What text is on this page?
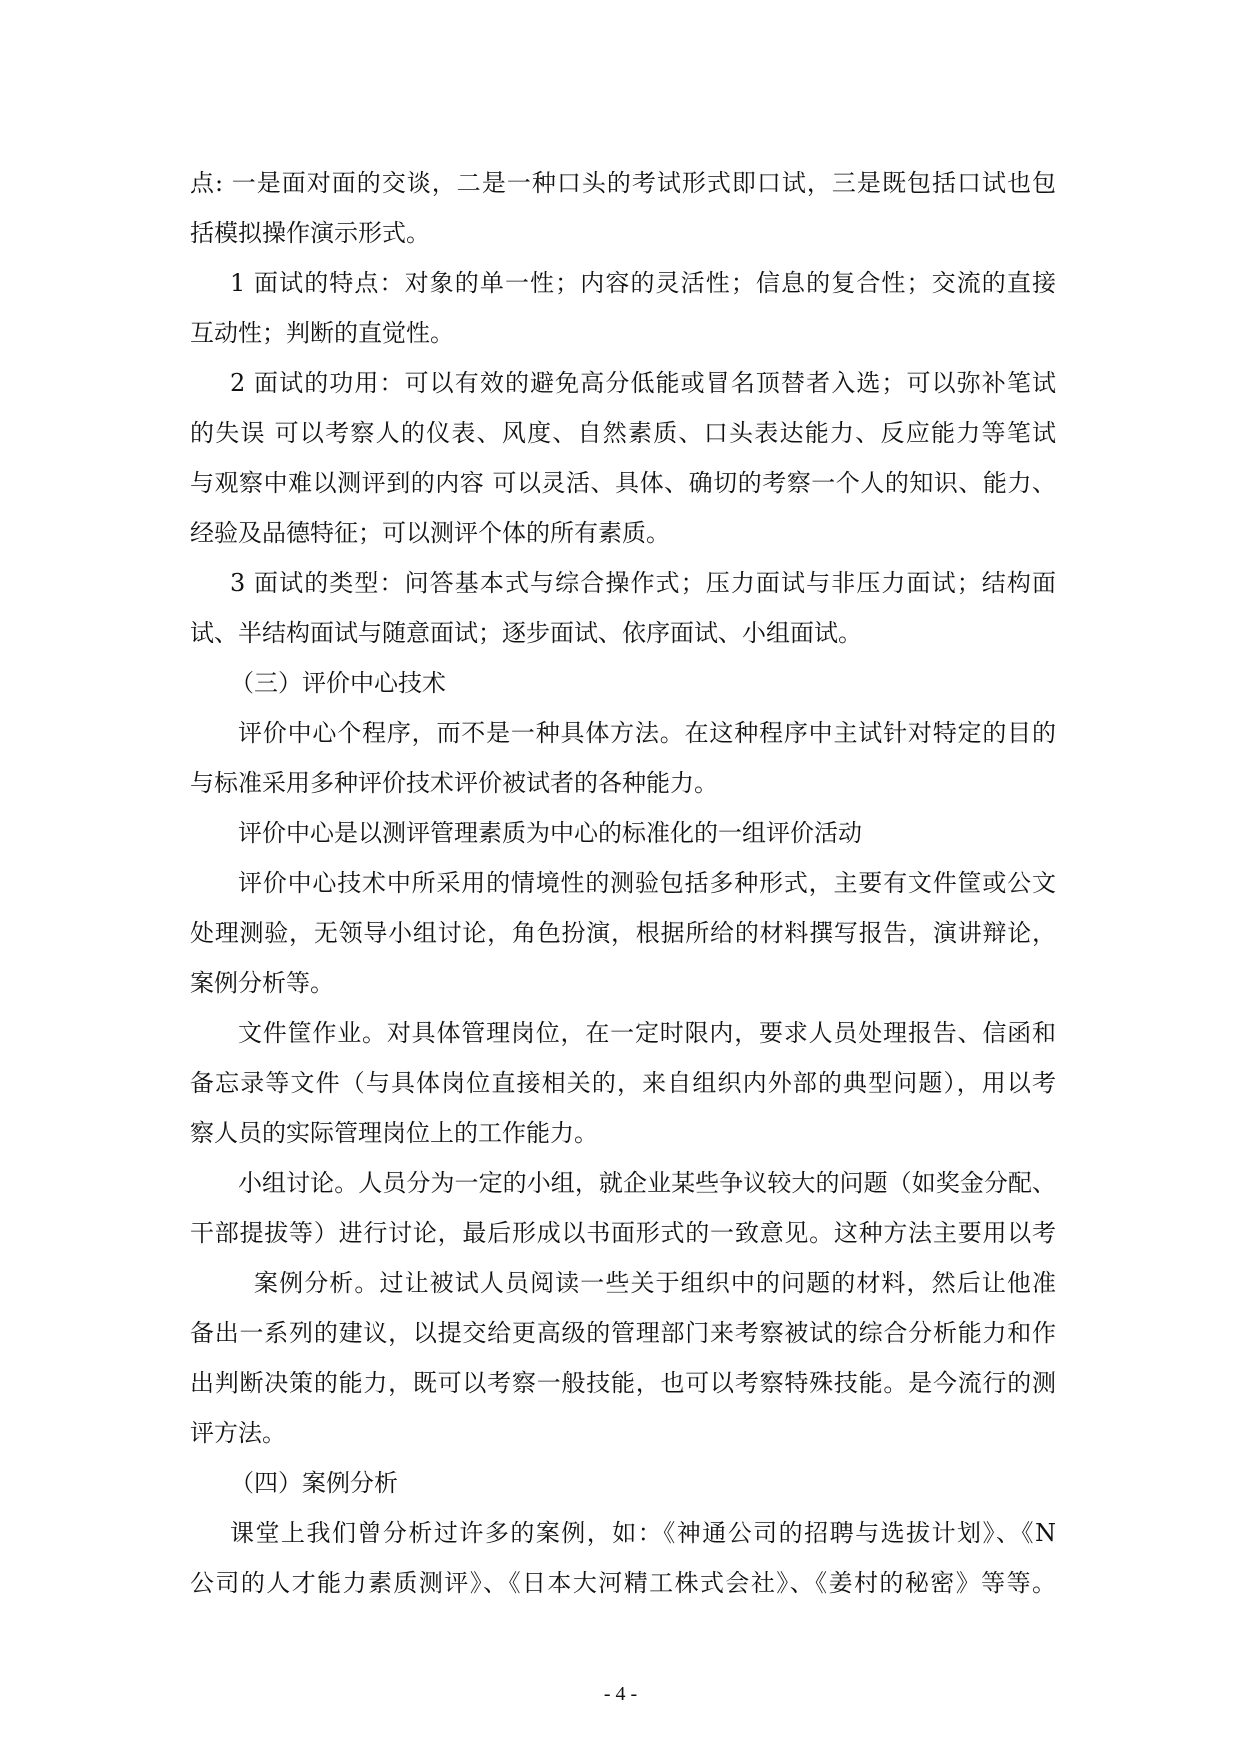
点: 一是面对面的交谈，二是一种口头的考试形式即口试，三是既包括口试也包
括模拟操作演示形式。
1 面试的特点：对象的单一性；内容的灵活性；信息的复合性；交流的直接
互动性；判断的直觉性。
2 面试的功用：可以有效的避免高分低能或冒名顶替者入选；可以弥补笔试
的失误 可以考察人的仪表、风度、自然素质、口头表达能力、反应能力等笔试
与观察中难以测评到的内容 可以灵活、具体、确切的考察一个人的知识、能力、
经验及品德特征；可以测评个体的所有素质。
3 面试的类型：问答基本式与综合操作式；压力面试与非压力面试；结构面
试、半结构面试与随意面试；逐步面试、依序面试、小组面试。
（三）评价中心技术
评价中心个程序，而不是一种具体方法。在这种程序中主试针对特定的目的
与标准采用多种评价技术评价被试者的各种能力。
评价中心是以测评管理素质为中心的标准化的一组评价活动
评价中心技术中所采用的情境性的测验包括多种形式，主要有文件筐或公文
处理测验，无领导小组讨论，角色扮演，根据所给的材料撰写报告，演讲辩论，
案例分析等。
文件筐作业。对具体管理岗位，在一定时限内，要求人员处理报告、信函和
备忘录等文件（与具体岗位直接相关的，来自组织内外部的典型问题），用以考
察人员的实际管理岗位上的工作能力。
小组讨论。人员分为一定的小组，就企业某些争议较大的问题（如奖金分配、
干部提拔等）进行讨论，最后形成以书面形式的一致意见。这种方法主要用以考
案例分析。过让被试人员阅读一些关于组织中的问题的材料，然后让他准
备出一系列的建议，以提交给更高级的管理部门来考察被试的综合分析能力和作
出判断决策的能力，既可以考察一般技能，也可以考察特殊技能。是今流行的测
评方法。
（四）案例分析
课堂上我们曾分析过许多的案例，如：《神通公司的招聘与选拔计划》、《N
公司的人才能力素质测评》、《日本大河精工株式会社》、《姜村的秘密》等等。
- 4 -
